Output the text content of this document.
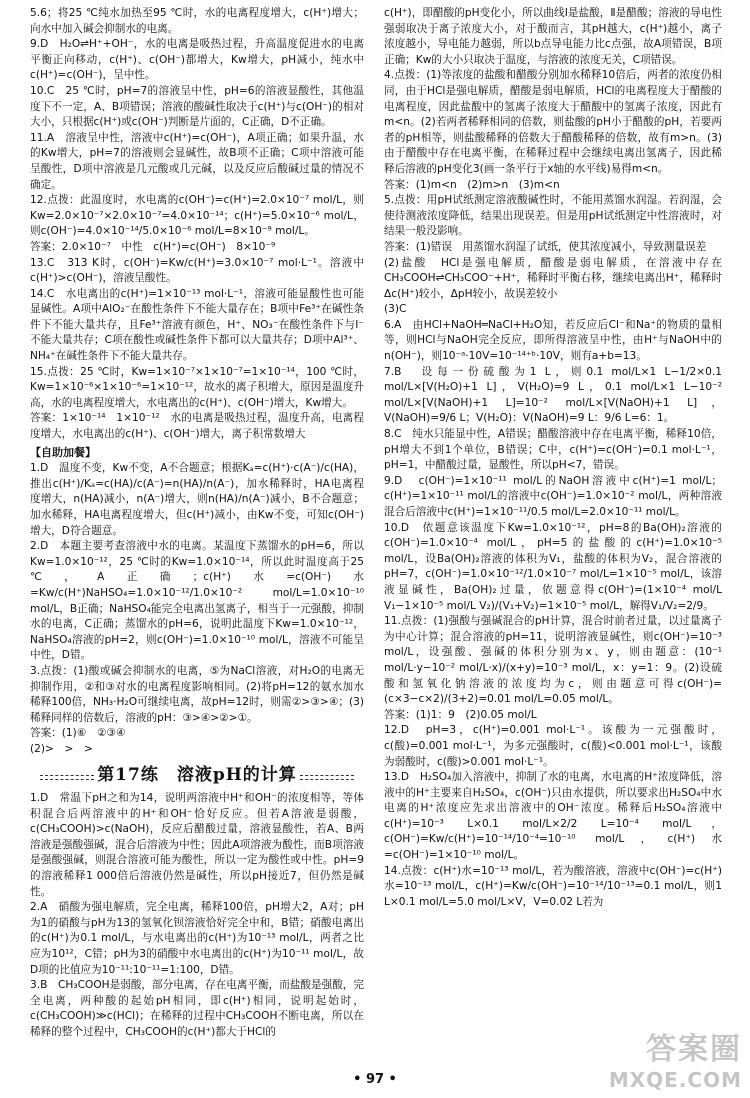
5.6；将25 ℃纯水加热至95 ℃时，水的电离程度增大，c(H⁺)增大；向水中加入碱会抑制水的电离。

9.D　H₂O⇌H⁺+OH⁻，水的电离是吸热过程，升高温度促进水的电离平衡正向移动，c(H⁺)、c(OH⁻)都增大，Kw增大，pH减小，纯水中c(H⁺)=c(OH⁻)，呈中性。

10.C　25 ℃时，pH=7的溶液呈中性，pH=6的溶液显酸性，其他温度下不一定，A、B项错误；溶液的酸碱性取决于c(H⁺)与c(OH⁻)的相对大小，只根据c(H⁺)或c(OH⁻)判断是片面的，C正确，D不正确。

11.A　溶液呈中性，溶液中c(H⁺)=c(OH⁻)，A项正确；如果升温，水的Kw增大，pH=7的溶液则会显碱性，故B项不正确；C项中溶液可能呈酸性，D项中溶液是几元酸或几元碱，以及反应后酸碱过量的情况不确定。

12.点拨：此温度时，水电离的c(OH⁻)=c(H⁺)=2.0×10⁻⁷ mol/L，则Kw=2.0×10⁻⁷×2.0×10⁻⁷=4.0×10⁻¹⁴；c(H⁺)=5.0×10⁻⁶ mol/L，则c(OH⁻)=4.0×10⁻¹⁴/5.0×10⁻⁶ mol/L=8×10⁻⁹ mol/L。

答案：2.0×10⁻⁷　中性　c(H⁺)=c(OH⁻)　8×10⁻⁹

13.C　313 K时，c(OH⁻)=Kw/c(H⁺)=3.0×10⁻⁷ mol·L⁻¹。溶液中c(H⁺)>c(OH⁻)，溶液呈酸性。

14.C　水电离出的c(H⁺)=1×10⁻¹³ mol·L⁻¹，溶液可能显酸性也可能显碱性。A项中AlO₂⁻在酸性条件下不能大量存在；B项中Fe³⁺在碱性条件下不能大量共存，且Fe³⁺溶液有颜色，H⁺、NO₃⁻在酸性条件下与I⁻不能大量共存；C项在酸性或碱性条件下都可以大量共存；D项中Al³⁺、NH₄⁺在碱性条件下不能大量共存。

15.点拨：25 ℃时，Kw=1×10⁻⁷×1×10⁻⁷=1×10⁻¹⁴，100 ℃时，Kw=1×10⁻⁶×1×10⁻⁶=1×10⁻¹²，故水的离子积增大，原因是温度升高，水的电离程度增大，水电离出的c(H⁺)、c(OH⁻)增大，Kw增大。

答案：1×10⁻¹⁴　1×10⁻¹²　水的电离是吸热过程，温度升高，电离程度增大，水电离出的c(H⁺)、c(OH⁻)增大，离子积常数增大

【自助加餐】

1.D　温度不变，Kw不变，A不合题意；根据Kₐ=c(H⁺)·c(A⁻)/c(HA)，推出c(H⁺)/Kₐ=c(HA)/c(A⁻)=n(HA)/n(A⁻)，加水稀释时，HA电离程度增大，n(HA)减小，n(A⁻)增大，则n(HA)/n(A⁻)减小，B不合题意；加水稀释，HA电离程度增大，但c(H⁺)减小，由Kw不变，可知c(OH⁻)增大，D符合题意。

2.D　本题主要考查溶液中水的电离。某温度下蒸馏水的pH=6，所以Kw=1.0×10⁻¹²，25 ℃时的Kw=1.0×10⁻¹⁴，所以此时温度高于25 ℃，A正确；c(H⁺)水=c(OH⁻)水=Kw/c(H⁺)NaHSO₄=1.0×10⁻¹²/1.0×10⁻² mol/L=1.0×10⁻¹⁰ mol/L，B正确；NaHSO₄能完全电离出氢离子，相当于一元强酸，抑制水的电离，C正确；蒸馏水的pH=6，说明此温度下Kw=1.0×10⁻¹²，NaHSO₄溶液的pH=2，则c(OH⁻)=1.0×10⁻¹⁰ mol/L，溶液不可能呈中性，D错。

3.点拨：(1)酸或碱会抑制水的电离，⑤为NaCl溶液，对H₂O的电离无抑制作用，②和③对水的电离程度影响相同。(2)将pH=12的氨水加水稀释100倍，NH₃·H₂O可继续电离，故pH=12时，则需②>③>④；(3)稀释同样的倍数后，溶液的pH：③>④>②>①。

答案：(1)⑥　②③④

(2)>　>　>

第17练　溶液pH的计算

1.D　常温下pH之和为14，说明两溶液中H⁺和OH⁻的浓度相等，等体积混合后两溶液中的H⁺和OH⁻恰好反应。但若A溶液是弱酸，c(CH₃COOH)>c(NaOH)，反应后醋酸过量，溶液显酸性，若A、B两溶液是强酸强碱，混合后溶液为中性；因此A项溶液为酸性，而B项溶液是强酸强碱，则混合溶液可能为酸性，所以一定为酸性或中性。pH=9的溶液稀释1 000倍后溶液仍然是碱性，所以pH接近7，但仍然是碱性。

2.A　硝酸为强电解质，完全电离，稀释100倍，pH增大2，A对；pH为1的硝酸与pH为13的氢氧化钡溶液恰好完全中和，B错；硝酸电离出的c(H⁺)为0.1 mol/L，与水电离出的c(H⁺)为10⁻¹³ mol/L，两者之比应为10¹²，C错；pH为3的硝酸中水电离出的c(H⁺)为10⁻¹¹ mol/L，故D项的比值应为10⁻¹¹:10⁻¹¹=1:100，D错。

3.B　CH₃COOH是弱酸，部分电离，存在电离平衡，而盐酸是强酸，完全电离，两种酸的起始pH相同，即c(H⁺)相同，说明起始时，c(CH₃COOH)≫c(HCl)；在稀释的过程中CH₃COOH不断电离，所以在稀释的整个过程中，CH₃COOH的c(H⁺)都大于HCl的

c(H⁺)，即醋酸的pH变化小，所以曲线Ⅰ是盐酸，Ⅱ是醋酸；溶液的导电性强弱取决于离子浓度大小，对于酸而言，其pH越大，c(H⁺)越小，离子浓度越小，导电能力越弱，所以b点导电能力比c点强，故A项错误，B项正确；Kw的大小只取决于温度，与溶液的浓度无关，C项错误。

4.点拨：(1)等浓度的盐酸和醋酸分别加水稀释10倍后，两者的浓度仍相同，由于HCl是强电解质，醋酸是弱电解质，HCl的电离程度大于醋酸的电离程度，因此盐酸中的氢离子浓度大于醋酸中的氢离子浓度，因此有m<n。(2)若两者稀释相同的倍数，则盐酸的pH小于醋酸的pH，若要两者的pH相等，则盐酸稀释的倍数大于醋酸稀释的倍数，故有m>n。(3)由于醋酸中存在电离平衡，在稀释过程中会继续电离出氢离子，因此稀释后溶液的pH变化3(画一条平行于x轴的水平线)易得m<n。

答案：(1)m<n　(2)m>n　(3)m<n

5.点拨：用pH试纸测定溶液酸碱性时，不能用蒸馏水润湿。若润湿，会使待测液浓度降低，结果出现误差。但是用pH试纸测定中性溶液时，对结果一般没影响。

答案：(1)错误　用蒸馏水润湿了试纸，使其浓度减小，导致测量误差

(2)盐酸　HCl是强电解质，醋酸是弱电解质，在溶液中存在CH₃COOH⇌CH₃COO⁻+H⁺，稀释时平衡右移，继续电离出H⁺，稀释时Δc(H⁺)较小，ΔpH较小，故误差较小

(3)C

6.A　由HCl+NaOH═NaCl+H₂O知，若反应后Cl⁻和Na⁺的物质的量相等，则HCl与NaOH完全反应，即所得溶液呈中性，由H⁺与NaOH中的n(OH⁻)，则10⁻ᵃ·10V=10⁻¹⁴⁺ᵇ·10V，则有a+b=13。

7.B　设每一份硫酸为1 L，则0.1 mol/L×1 L−1/2×0.1 mol/L×[V(H₂O)+1 L]，V(H₂O)=9 L，0.1 mol/L×1 L−10⁻² mol/L×[V(NaOH)+1 L]=10⁻² mol/L×[V(NaOH)+1 L]，V(NaOH)=9/6 L；V(H₂O)：V(NaOH)=9 L：9/6 L=6：1。

8.C　纯水只能显中性，A错误；醋酸溶液中存在电离平衡，稀释10倍，pH增大不到1个单位，B错误；C中，c(H⁺)=c(OH⁻)=0.1 mol·L⁻¹，pH=1，中醋酸过量，显酸性，所以pH<7，错误。

9.D　c(OH⁻)=1×10⁻¹¹ mol/L的NaOH溶液中c(H⁺)=1 mol/L；c(H⁺)=1×10⁻¹¹ mol/L的溶液中c(OH⁻)=1.0×10⁻² mol/L，两种溶液混合后溶液中c(H⁺)=1×10⁻¹¹/0.5 mol/L=2.0×10⁻¹¹ mol/L。

10.D　依题意该温度下Kw=1.0×10⁻¹²，pH=8的Ba(OH)₂溶液的c(OH⁻)=1.0×10⁻⁴ mol/L，pH=5的盐酸的c(H⁺)=1.0×10⁻⁵ mol/L，设Ba(OH)₂溶液的体积为V₁，盐酸的体积为V₂，混合溶液的pH=7，c(OH⁻)=1.0×10⁻¹²/1.0×10⁻⁷ mol/L=1×10⁻⁵ mol/L，该溶液显碱性，Ba(OH)₂过量，依题意得c(OH⁻)=(1×10⁻⁴ mol/L V₁−1×10⁻⁵ mol/L V₂)/(V₁+V₂)=1×10⁻⁵ mol/L，解得V₁/V₂=2/9。

11.点拨：(1)强酸与强碱混合的pH计算，混合时前者过量，以过量离子为中心计算；混合溶液的pH=11，说明溶液显碱性，则c(OH⁻)=10⁻³ mol/L，设强酸、强碱的体积分别为x、y，则由题意：(10⁻¹ mol/L·y−10⁻² mol/L·x)/(x+y)=10⁻³ mol/L，x：y=1：9。(2)设硫酸和氢氧化钠溶液的浓度均为c，则由题意可得c(OH⁻)=(c×3−c×2)/(3+2)=0.01 mol/L=0.05 mol/L。

答案：(1)1：9　(2)0.05 mol/L

12.D　pH=3，c(H⁺)=0.001 mol·L⁻¹。该酸为一元强酸时，c(酸)=0.001 mol·L⁻¹，为多元强酸时，c(酸)<0.001 mol·L⁻¹，该酸为弱酸时，c(酸)>0.001 mol·L⁻¹。

13.D　H₂SO₄加入溶液中，抑制了水的电离，水电离的H⁺浓度降低，溶液中的H⁺主要来自H₂SO₄，c(OH⁻)只由水提供，所以要求出H₂SO₄中水电离的H⁺浓度应先求出溶液中的OH⁻浓度。稀释后H₂SO₄溶液中c(H⁺)=10⁻³ L×0.1 mol/L×2/2 L=10⁻⁴ mol/L，c(OH⁻)=Kw/c(H⁺)=10⁻¹⁴/10⁻⁴=10⁻¹⁰ mol/L，c(H⁺)水=c(OH⁻)=1×10⁻¹⁰ mol/L。

14.点拨：c(H⁺)水=10⁻¹³ mol/L，若为酸溶液，溶液中c(OH⁻)=c(H⁺)水=10⁻¹³ mol/L，c(H⁺)=Kw/c(OH⁻)=10⁻¹⁴/10⁻¹³=0.1 mol/L，则1 L×0.1 mol/L=5.0 mol/L×V，V=0.02 L若为

• 97 •
答案圈
MXQE.COM
